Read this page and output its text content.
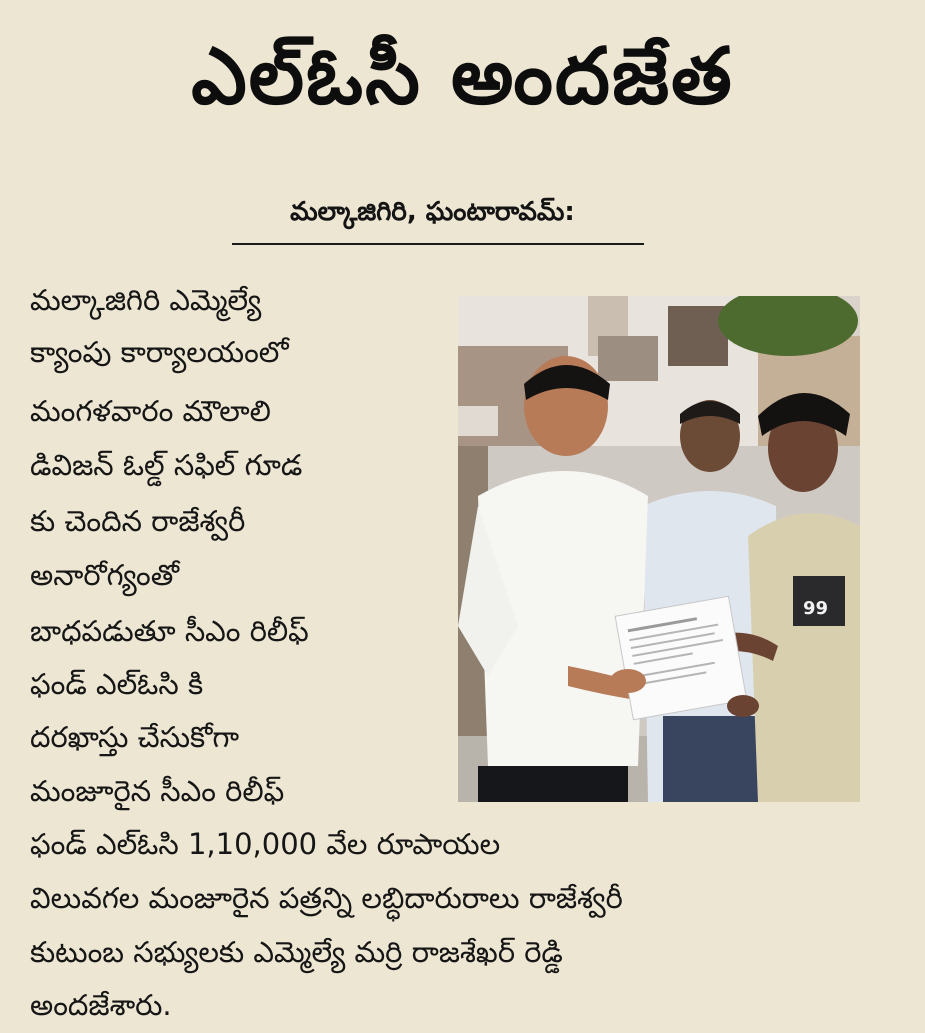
ఎల్ఓసీ అందజేత
మల్కాజిగిరి, ఘంటారావమ్:
మల్కాజిగిరి ఎమ్మెల్యే
క్యాంపు కార్యాలయంలో
మంగళవారం మౌలాలి
డివిజన్ ఓల్డ్ సఫిల్ గూడ
కు చెందిన రాజేశ్వరీ
అనారోగ్యంతో
బాధపడుతూ సీఎం రిలీఫ్
ఫండ్ ఎల్ఓసి కి
దరఖాస్తు చేసుకోగా
మంజూరైన సీఎం రిలీఫ్
ఫండ్ ఎల్ఓసి 1,10,000 వేల రూపాయల
విలువగల మంజూరైన పత్రన్ని లబ్ధిదారురాలు రాజేశ్వరీ
కుటుంబ సభ్యులకు ఎమ్మెల్యే మర్రి రాజశేఖర్ రెడ్డి
అందజేశారు.
99
